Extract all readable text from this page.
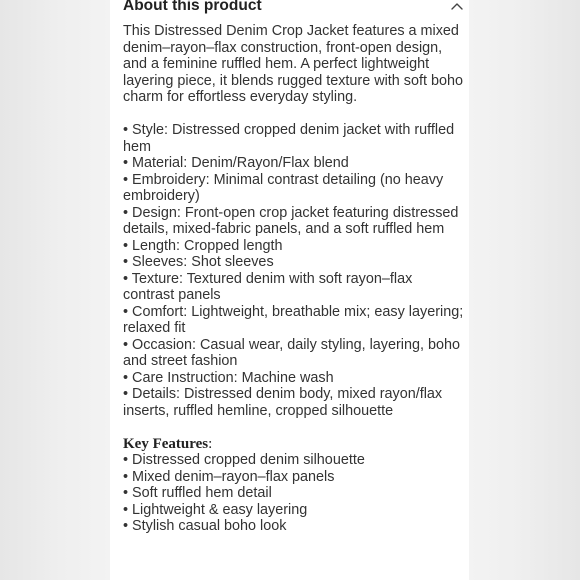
About this product

This Distressed Denim Crop Jacket features a mixed denim–rayon–flax construction, front-open design, and a feminine ruffled hem. A perfect lightweight layering piece, it blends rugged texture with soft boho charm for effortless everyday styling.

• Style: Distressed cropped denim jacket with ruffled hem
• Material: Denim/Rayon/Flax blend
• Embroidery: Minimal contrast detailing (no heavy embroidery)
• Design: Front-open crop jacket featuring distressed details, mixed-fabric panels, and a soft ruffled hem
• Length: Cropped length
• Sleeves: Shot sleeves
• Texture: Textured denim with soft rayon–flax contrast panels
• Comfort: Lightweight, breathable mix; easy layering; relaxed fit
• Occasion: Casual wear, daily styling, layering, boho and street fashion
• Care Instruction: Machine wash
• Details: Distressed denim body, mixed rayon/flax inserts, ruffled hemline, cropped silhouette
Key Features:
• Distressed cropped denim silhouette
• Mixed denim–rayon–flax panels
• Soft ruffled hem detail
• Lightweight & easy layering
• Stylish casual boho look
